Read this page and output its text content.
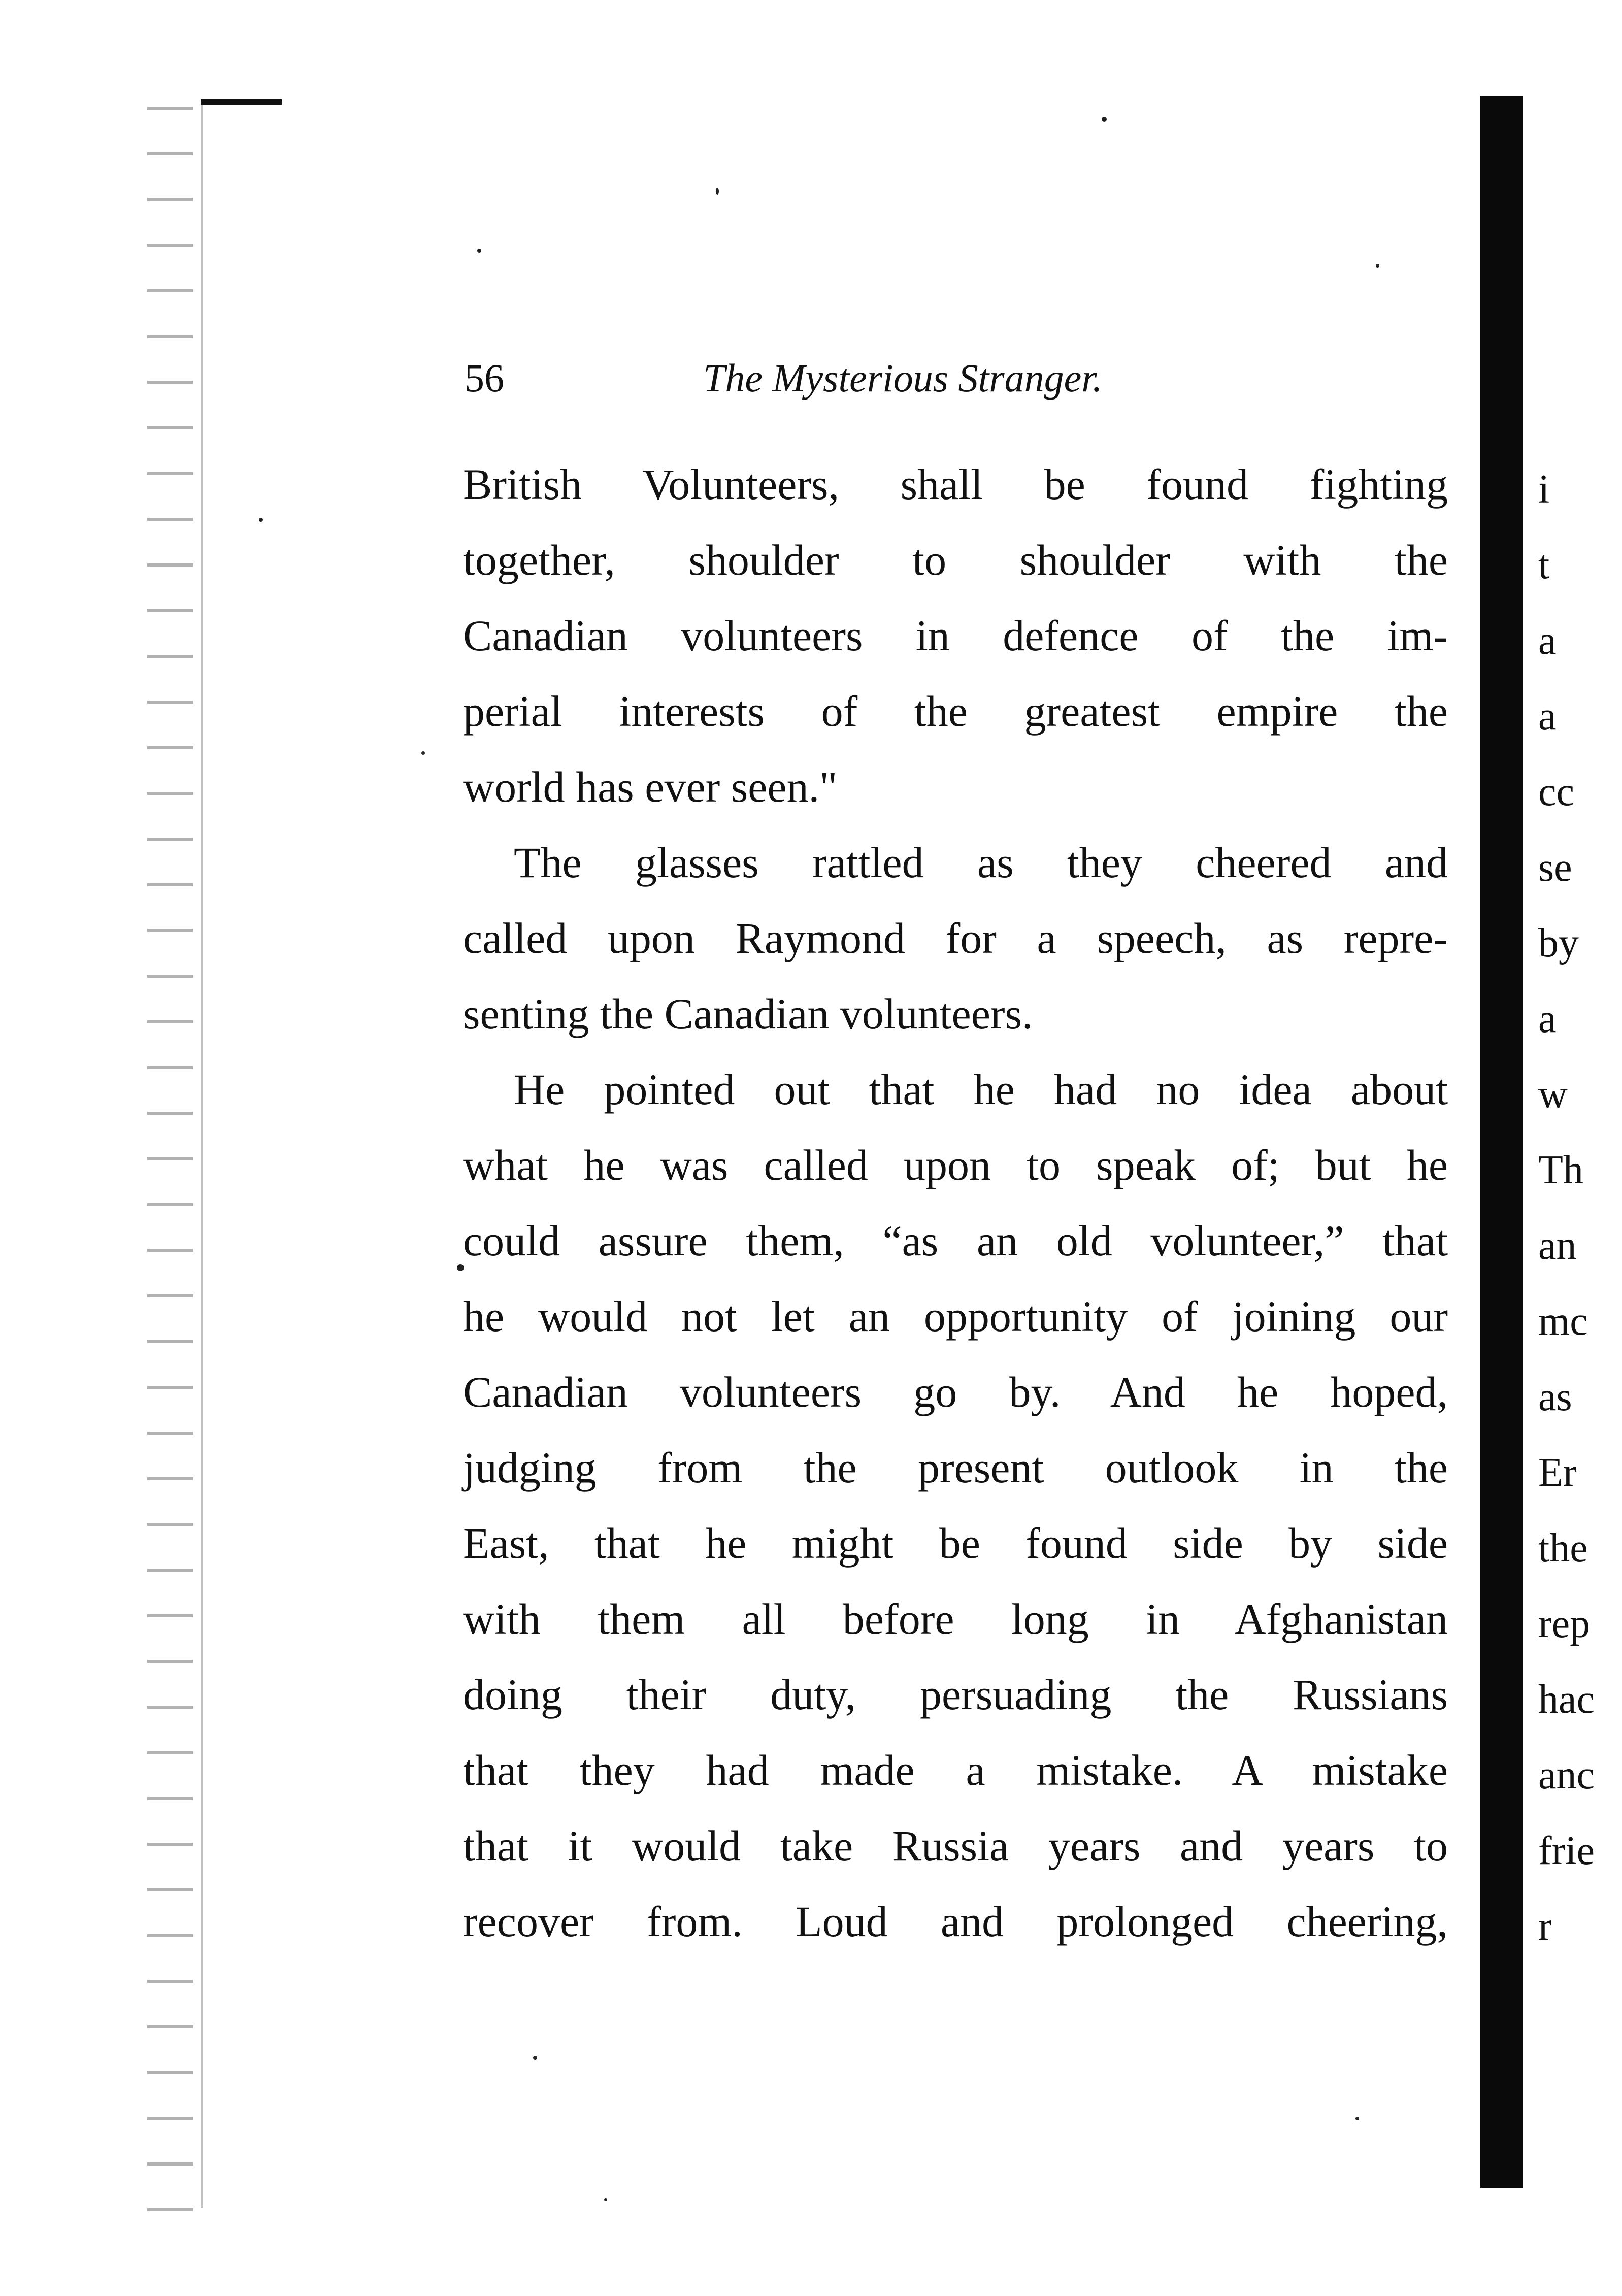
56	The Mysterious Stranger.
British Volunteers, shall be found fighting
together, shoulder to shoulder with the
Canadian volunteers in defence of the im-
perial interests of the greatest empire the
world has ever seen."
The glasses rattled as they cheered and
called upon Raymond for a speech, as repre-
senting the Canadian volunteers.
He pointed out that he had no idea about
what he was called upon to speak of; but he
could assure them, “as an old volunteer,” that
he would not let an opportunity of joining our
Canadian volunteers go by. And he hoped,
judging from the present outlook in the
East, that he might be found side by side
with them all before long in Afghanistan
doing their duty, persuading the Russians
that they had made a mistake. A mistake
that it would take Russia years and years to
recover from. Loud and prolonged cheering,
i
t
a
a
cc
se
by
a
w
Th
an
mc
as
Er
the
rep
hac
anc
frie
r
